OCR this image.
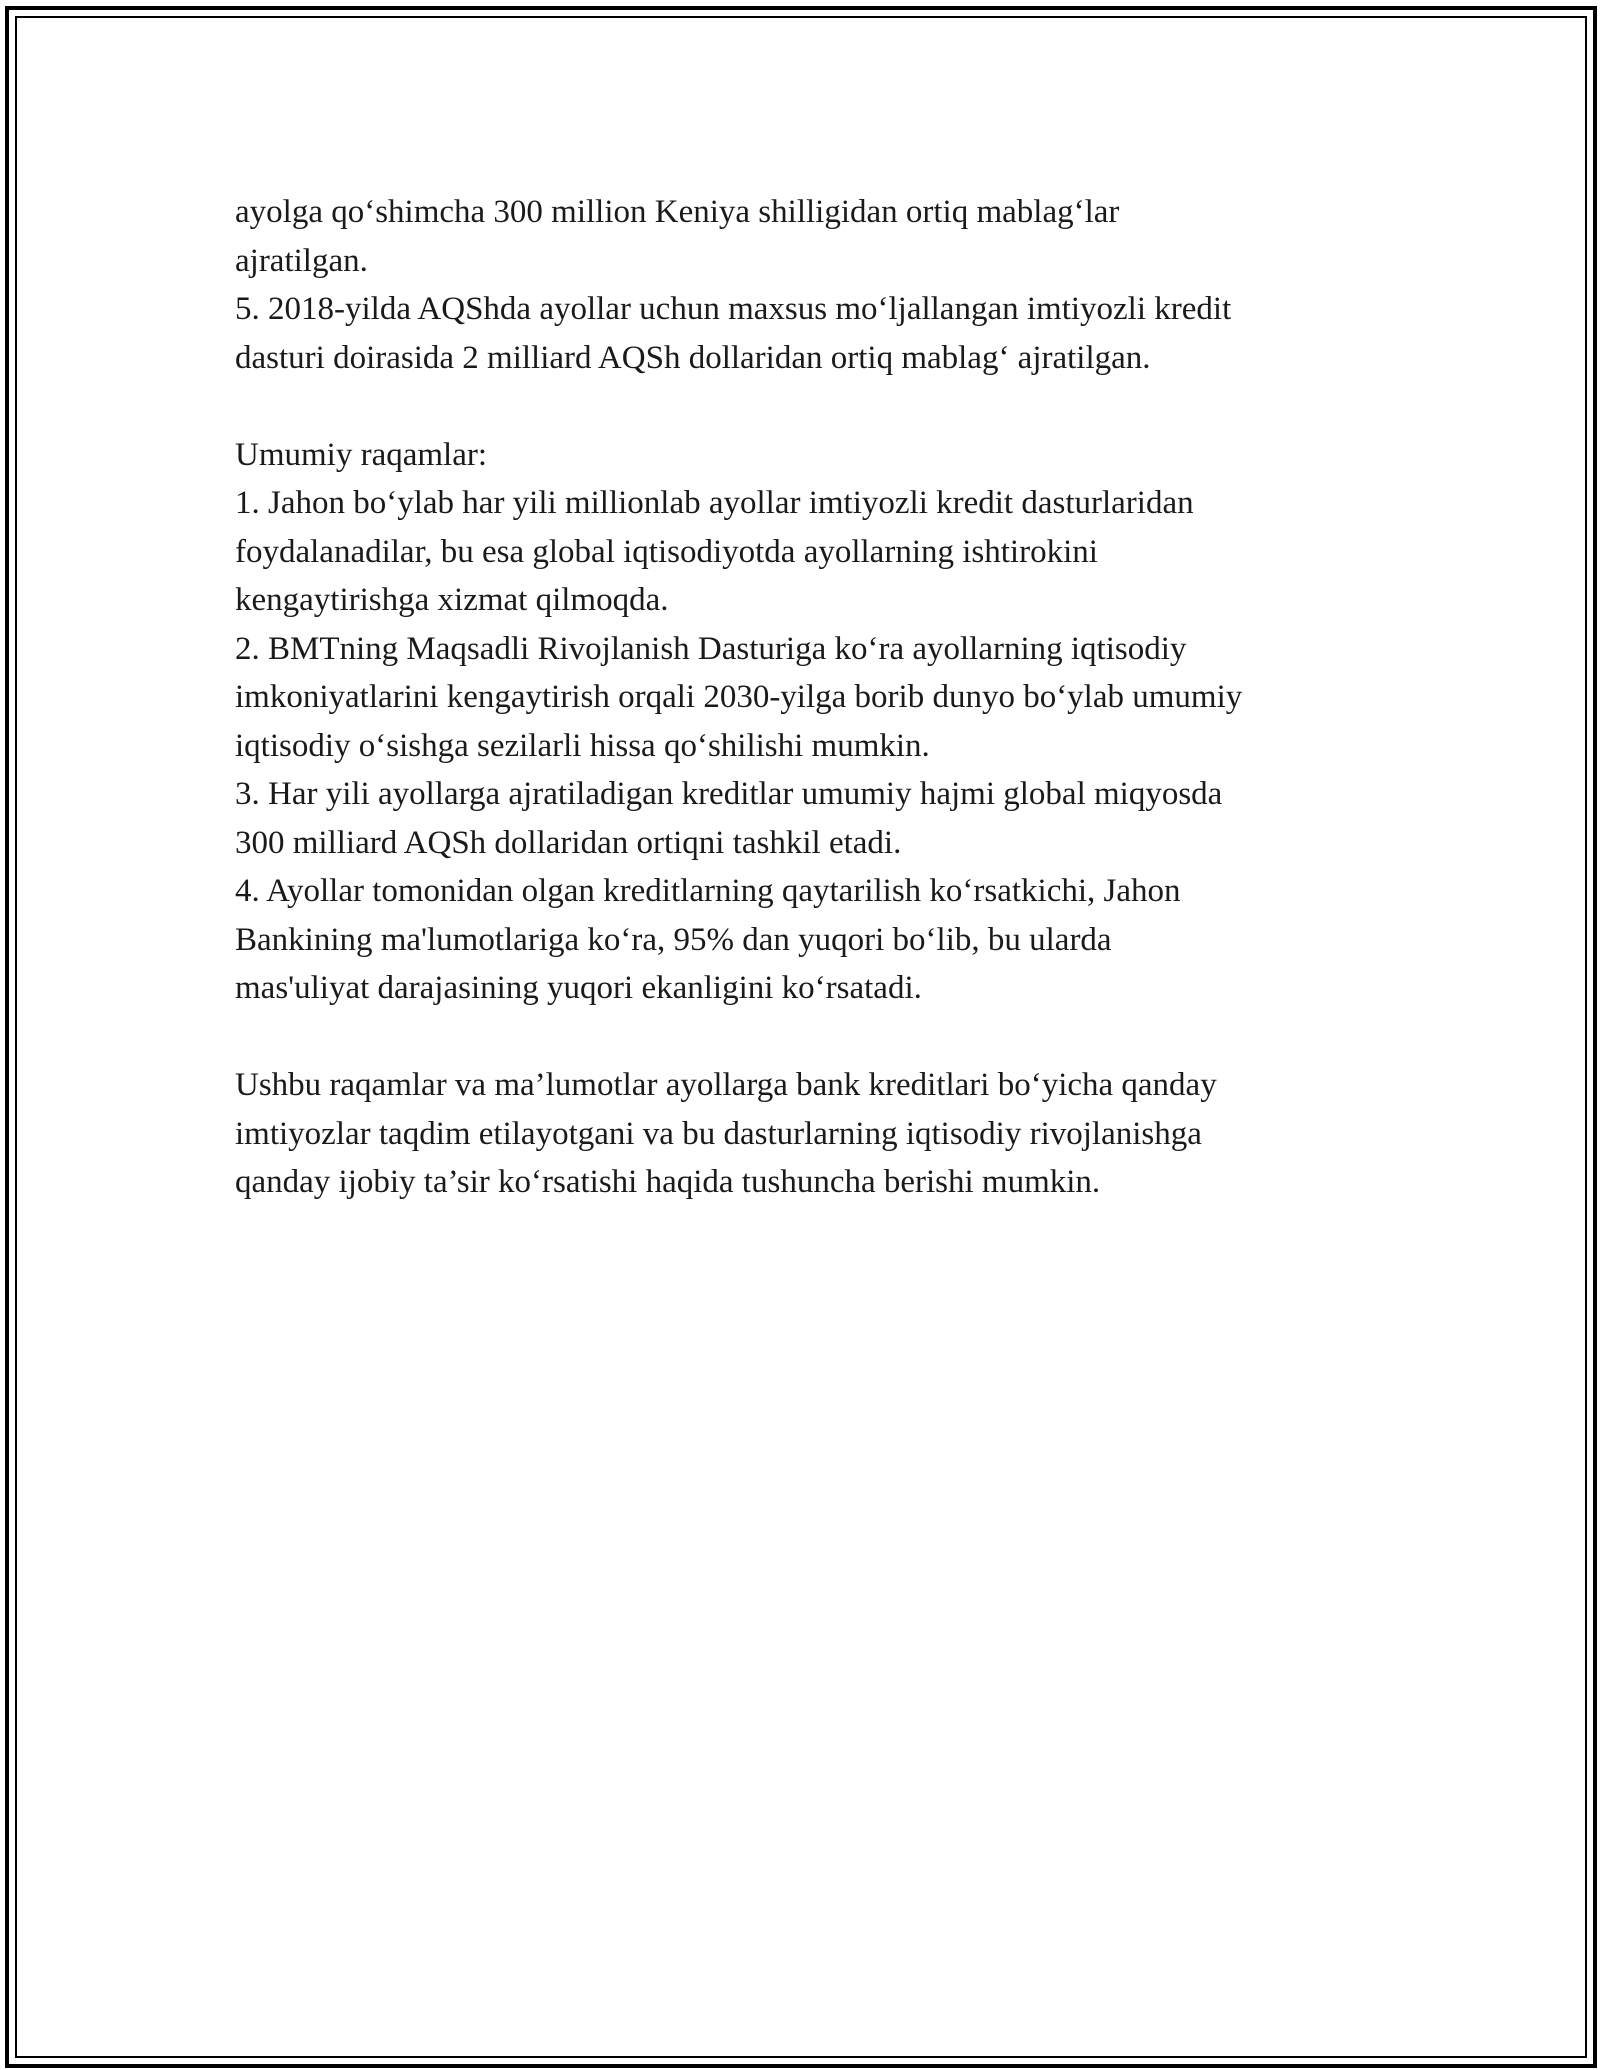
ayolga qo‘shimcha 300 million Keniya shilligidan ortiq mablag‘lar
ajratilgan.
5. 2018-yilda AQShda ayollar uchun maxsus mo‘ljallangan imtiyozli kredit
dasturi doirasida 2 milliard AQSh dollaridan ortiq mablag‘ ajratilgan.
Umumiy raqamlar:
1. Jahon bo‘ylab har yili millionlab ayollar imtiyozli kredit dasturlaridan
foydalanadilar, bu esa global iqtisodiyotda ayollarning ishtirokini
kengaytirishga xizmat qilmoqda.
2. BMTning Maqsadli Rivojlanish Dasturiga ko‘ra ayollarning iqtisodiy
imkoniyatlarini kengaytirish orqali 2030-yilga borib dunyo bo‘ylab umumiy
iqtisodiy o‘sishga sezilarli hissa qo‘shilishi mumkin.
3. Har yili ayollarga ajratiladigan kreditlar umumiy hajmi global miqyosda
300 milliard AQSh dollaridan ortiqni tashkil etadi.
4. Ayollar tomonidan olgan kreditlarning qaytarilish ko‘rsatkichi, Jahon
Bankining ma'lumotlariga ko‘ra, 95% dan yuqori bo‘lib, bu ularda
mas'uliyat darajasining yuqori ekanligini ko‘rsatadi.
Ushbu raqamlar va ma’lumotlar ayollarga bank kreditlari bo‘yicha qanday
imtiyozlar taqdim etilayotgani va bu dasturlarning iqtisodiy rivojlanishga
qanday ijobiy ta’sir ko‘rsatishi haqida tushuncha berishi mumkin.
